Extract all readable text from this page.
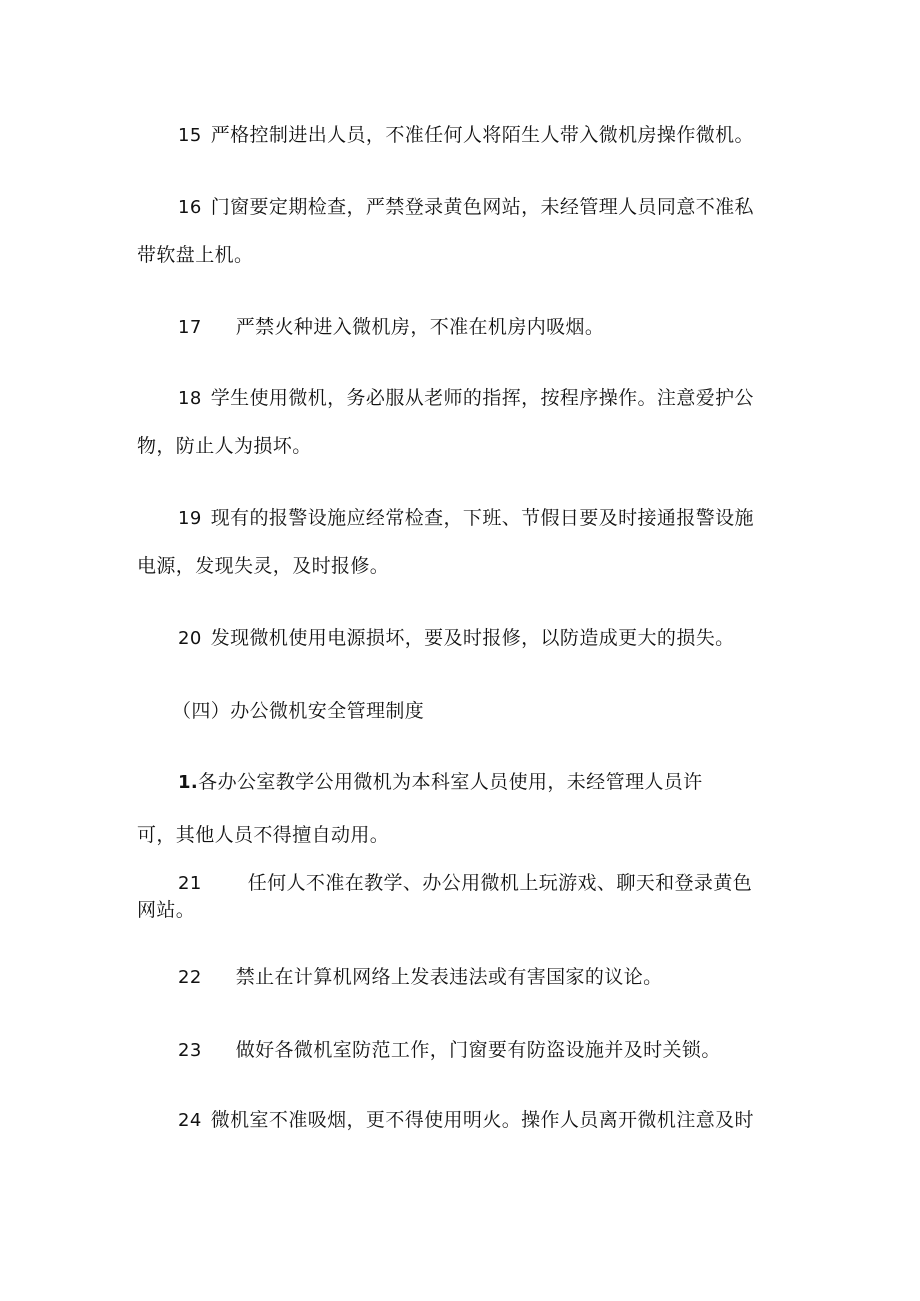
15 严格控制进出人员，不准任何人将陌生人带入微机房操作微机。
16 门窗要定期检查，严禁登录黄色网站，未经管理人员同意不准私
带软盘上机。
17 严禁火种进入微机房，不准在机房内吸烟。
18 学生使用微机，务必服从老师的指挥，按程序操作。注意爱护公
物，防止人为损坏。
19 现有的报警设施应经常检查，下班、节假日要及时接通报警设施
电源，发现失灵，及时报修。
20 发现微机使用电源损坏，要及时报修，以防造成更大的损失。
（四）办公微机安全管理制度
1.各办公室教学公用微机为本科室人员使用，未经管理人员许
可，其他人员不得擅自动用。
21 任何人不准在教学、办公用微机上玩游戏、聊天和登录黄色
网站。
22 禁止在计算机网络上发表违法或有害国家的议论。
23 做好各微机室防范工作，门窗要有防盗设施并及时关锁。
24 微机室不准吸烟，更不得使用明火。操作人员离开微机注意及时
